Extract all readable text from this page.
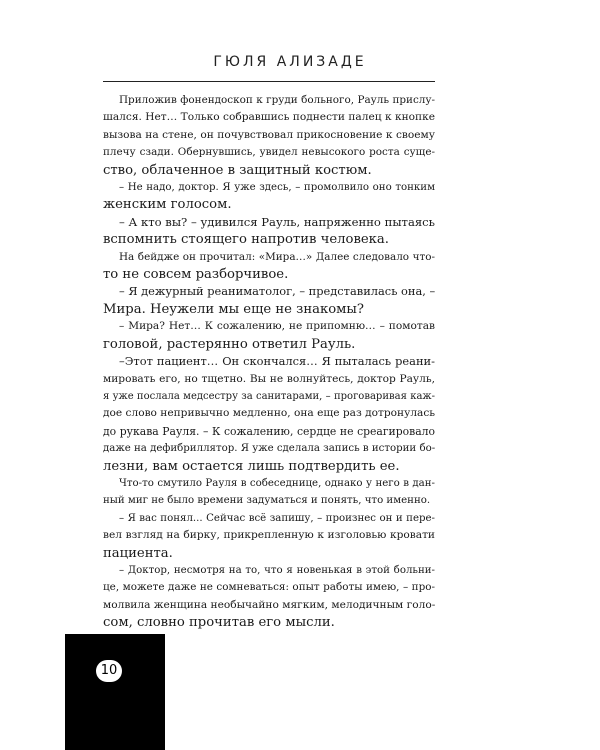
ГЮЛЯ АЛИЗАДЕ
Приложив фонендоскоп к груди больного, Рауль прислу-
шался. Нет… Только собравшись поднести палец к кнопке
вызова на стене, он почувствовал прикосновение к своему
плечу сзади. Обернувшись, увидел невысокого роста суще-
ство, облаченное в защитный костюм.
– Не надо, доктор. Я уже здесь, – промолвило оно тонким
женским голосом.
– А кто вы? – удивился Рауль, напряженно пытаясь
вспомнить стоящего напротив человека.
На бейдже он прочитал: «Мира…» Далее следовало что-
то не совсем разборчивое.
– Я дежурный реаниматолог, – представилась она, –
Мира. Неужели мы еще не знакомы?
– Мира? Нет… К сожалению, не припомню… – помотав
головой, растерянно ответил Рауль.
–Этот пациент… Он скончался… Я пыталась реани-
мировать его, но тщетно. Вы не волнуйтесь, доктор Рауль,
я уже послала медсестру за санитарами, – проговаривая каж-
дое слово непривычно медленно, она еще раз дотронулась
до рукава Рауля. – К сожалению, сердце не среагировало
даже на дефибриллятор. Я уже сделала запись в истории бо-
лезни, вам остается лишь подтвердить ее.
Что-то смутило Рауля в собеседнице, однако у него в дан-
ный миг не было времени задуматься и понять, что именно.
– Я вас понял... Сейчас всё запишу, – произнес он и пере-
вел взгляд на бирку, прикрепленную к изголовью кровати
пациента.
– Доктор, несмотря на то, что я новенькая в этой больни-
це, можете даже не сомневаться: опыт работы имею, – про-
молвила женщина необычайно мягким, мелодичным голо-
сом, словно прочитав его мысли.
10
